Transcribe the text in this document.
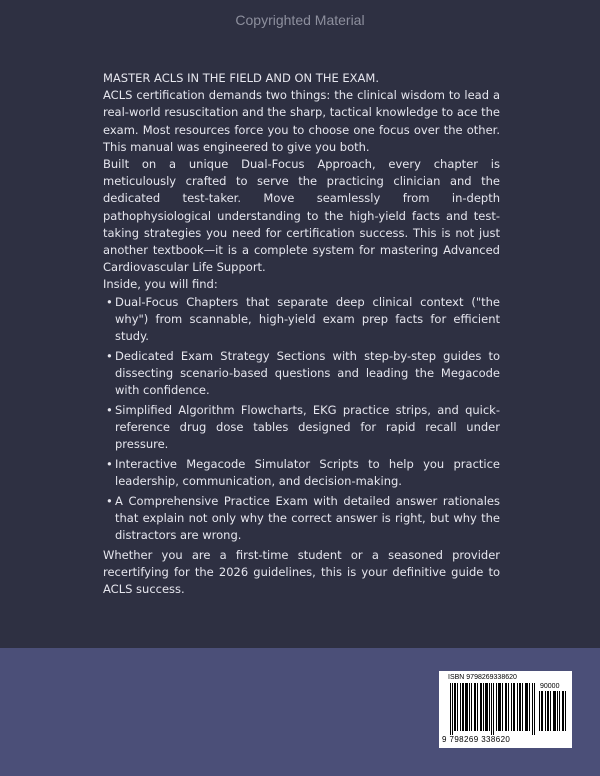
Copyrighted Material

MASTER ACLS IN THE FIELD AND ON THE EXAM.

ACLS certification demands two things: the clinical wisdom to lead a real-world resuscitation and the sharp, tactical knowledge to ace the exam. Most resources force you to choose one focus over the other. This manual was engineered to give you both.

Built on a unique Dual-Focus Approach, every chapter is meticulously crafted to serve the practicing clinician and the dedicated test-taker. Move seamlessly from in-depth pathophysiological understanding to the high-yield facts and test-taking strategies you need for certification success. This is not just another textbook—it is a complete system for mastering Advanced Cardiovascular Life Support.

Inside, you will find:

• Dual-Focus Chapters that separate deep clinical context ("the why") from scannable, high-yield exam prep facts for efficient study.
• Dedicated Exam Strategy Sections with step-by-step guides to dissecting scenario-based questions and leading the Megacode with confidence.
• Simplified Algorithm Flowcharts, EKG practice strips, and quick-reference drug dose tables designed for rapid recall under pressure.
• Interactive Megacode Simulator Scripts to help you practice leadership, communication, and decision-making.
• A Comprehensive Practice Exam with detailed answer rationales that explain not only why the correct answer is right, but why the distractors are wrong.

Whether you are a first-time student or a seasoned provider recertifying for the 2026 guidelines, this is your definitive guide to ACLS success.

ISBN 9798269338620
90000
9 798269 338620
